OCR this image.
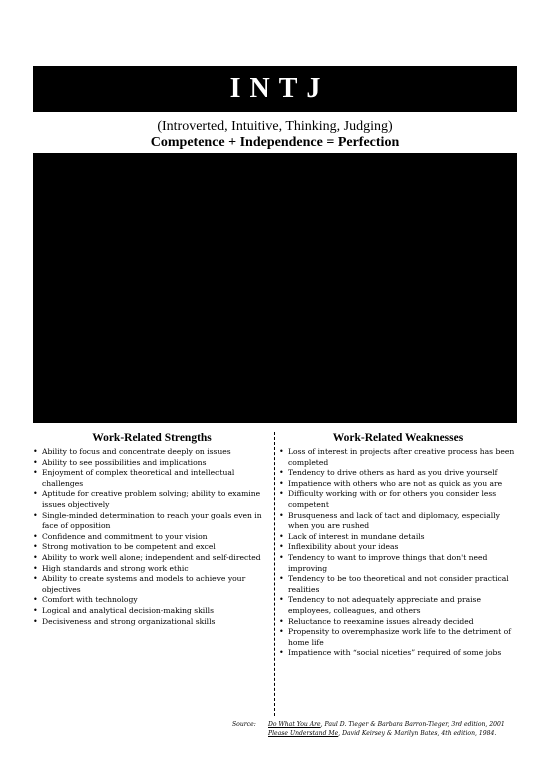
INTJ
(Introverted, Intuitive, Thinking, Judging)
Competence + Independence = Perfection
Work-Related Strengths
• Ability to focus and concentrate deeply on issues
• Ability to see possibilities and implications
• Enjoyment of complex theoretical and intellectual challenges
• Aptitude for creative problem solving; ability to examine issues objectively
• Single-minded determination to reach your goals even in face of opposition
• Confidence and commitment to your vision
• Strong motivation to be competent and excel
• Ability to work well alone; independent and self-directed
• High standards and strong work ethic
• Ability to create systems and models to achieve your objectives
• Comfort with technology
• Logical and analytical decision-making skills
• Decisiveness and strong organizational skills
Work-Related Weaknesses
• Loss of interest in projects after creative process has been completed
• Tendency to drive others as hard as you drive yourself
• Impatience with others who are not as quick as you are
• Difficulty working with or for others you consider less competent
• Brusqueness and lack of tact and diplomacy, especially when you are rushed
• Lack of interest in mundane details
• Inflexibility about your ideas
• Tendency to want to improve things that don't need improving
• Tendency to be too theoretical and not consider practical realities
• Tendency to not adequately appreciate and praise employees, colleagues, and others
• Reluctance to reexamine issues already decided
• Propensity to overemphasize work life to the detriment of home life
• Impatience with “social niceties” required of some jobs
Source: Do What You Are, Paul D. Tieger & Barbara Barron-Tieger, 3rd edition, 2001
Please Understand Me, David Keirsey & Marilyn Bates, 4th edition, 1984.
